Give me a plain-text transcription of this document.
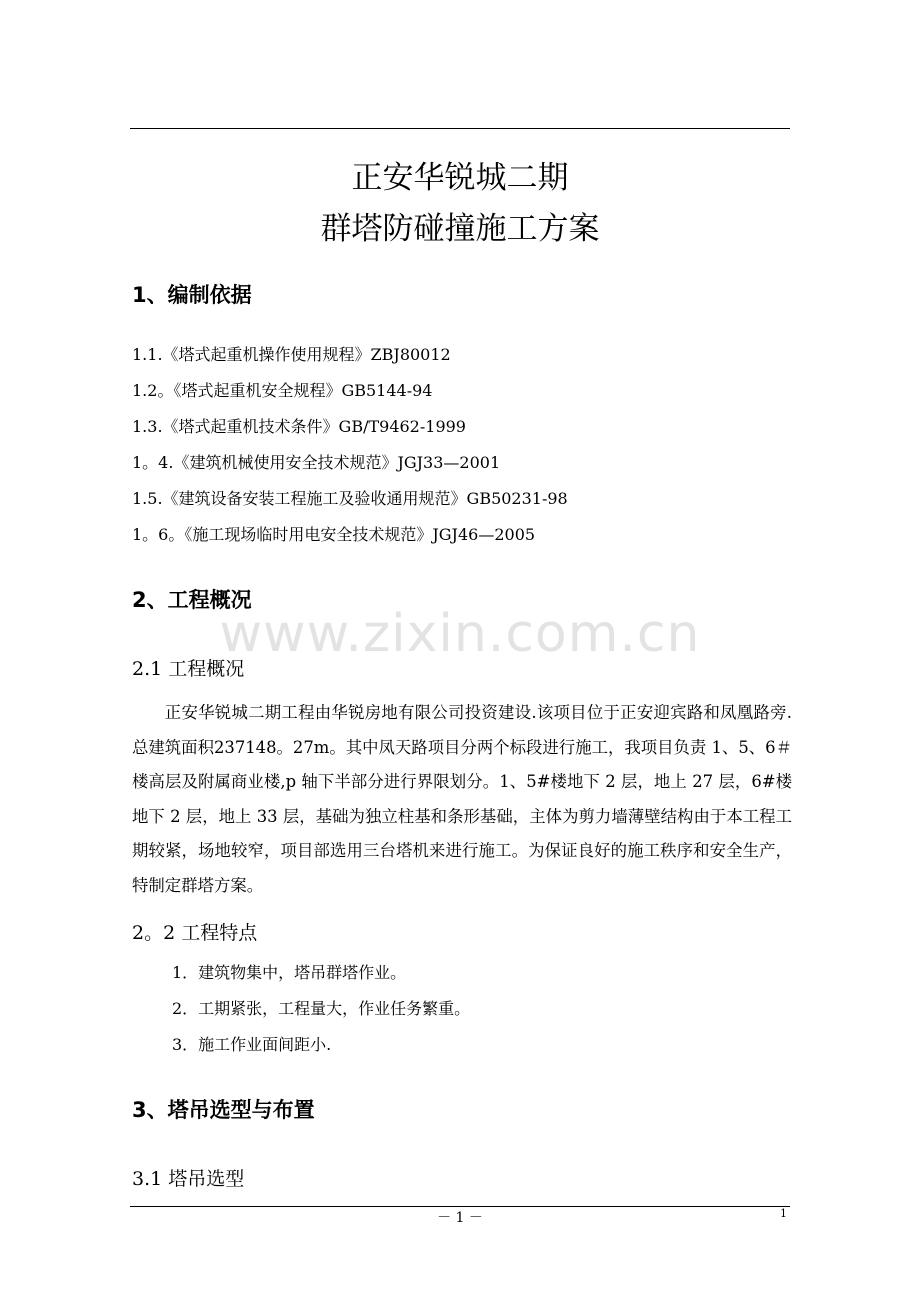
正安华锐城二期
群塔防碰撞施工方案
1、编制依据
1.1.《塔式起重机操作使用规程》ZBJ80012
1.2。《塔式起重机安全规程》GB5144-94
1.3.《塔式起重机技术条件》GB/T9462-1999
1。4.《建筑机械使用安全技术规范》JGJ33—2001
1.5.《建筑设备安装工程施工及验收通用规范》GB50231-98
1。6。《施工现场临时用电安全技术规范》JGJ46—2005
2、工程概况
www.zixin.com.cn
2.1 工程概况

正安华锐城二期工程由华锐房地有限公司投资建设.该项目位于正安迎宾路和凤凰路旁.总建筑面积237148。27m。其中凤天路项目分两个标段进行施工，我项目负责 1、5、6＃楼高层及附属商业楼,p 轴下半部分进行界限划分。1、5#楼地下 2 层，地上 27 层，6#楼地下 2 层，地上 33 层，基础为独立柱基和条形基础，主体为剪力墙薄壁结构由于本工程工期较紧，场地较窄，项目部选用三台塔机来进行施工。为保证良好的施工秩序和安全生产，特制定群塔方案。

2。2 工程特点
1．建筑物集中，塔吊群塔作业。
2．工期紧张，工程量大，作业任务繁重。
3．施工作业面间距小.
3、塔吊选型与布置
3.1 塔吊选型
－ 1 －	1
